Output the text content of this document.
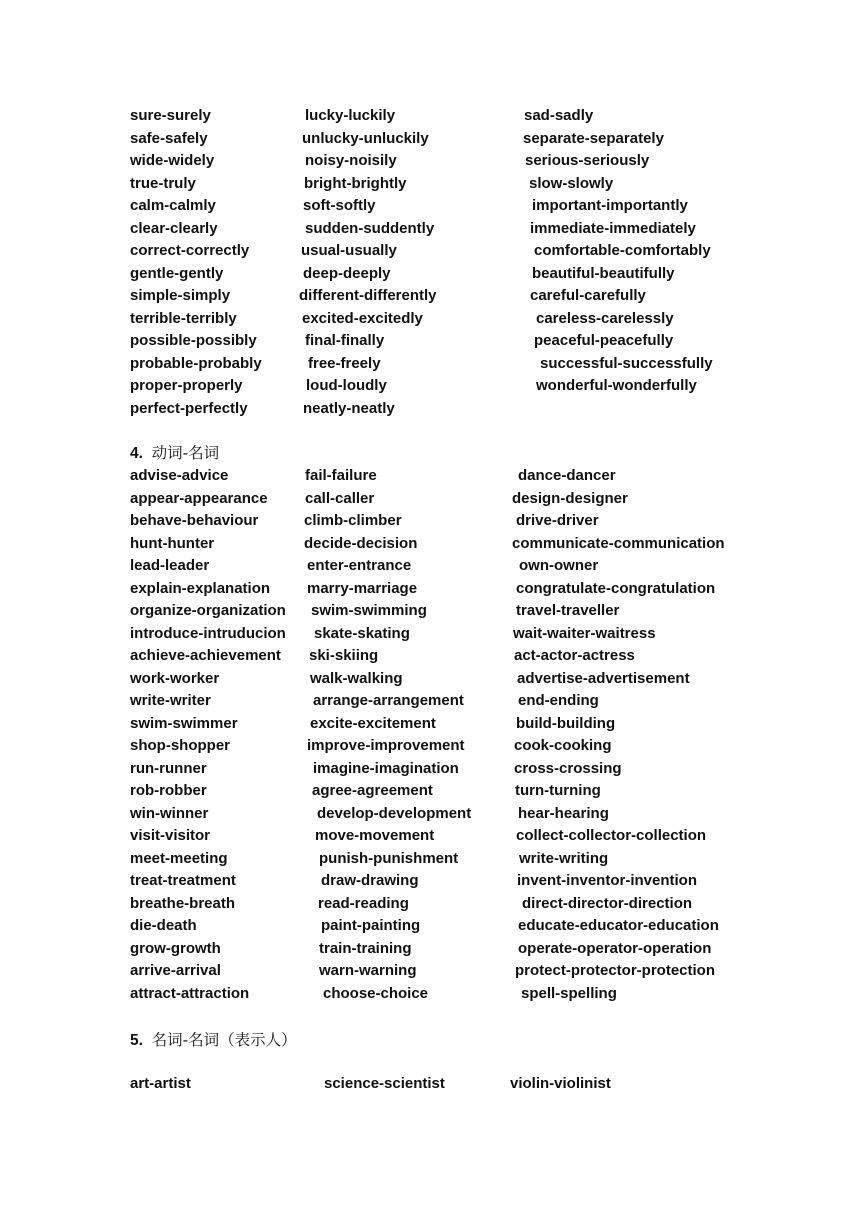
4. 动词-名词
5. 名词-名词（表示人）
sure-surely	lucky-luckily	sad-sadly
safe-safely	unlucky-unluckily	separate-separately
wide-widely	noisy-noisily	serious-seriously
true-truly	bright-brightly	slow-slowly
calm-calmly	soft-softly	important-importantly
clear-clearly	sudden-suddently	immediate-immediately
correct-correctly	usual-usually	comfortable-comfortably
gentle-gently	deep-deeply	beautiful-beautifully
simple-simply	different-differently	careful-carefully
terrible-terribly	excited-excitedly	careless-carelessly
possible-possibly	final-finally	peaceful-peacefully
probable-probably	free-freely	successful-successfully
proper-properly	loud-loudly	wonderful-wonderfully
perfect-perfectly	neatly-neatly
advise-advice	fail-failure	dance-dancer
appear-appearance call-caller	design-designer
behave-behaviour	climb-climber	drive-driver
hunt-hunter	decide-decision	communicate-communication
lead-leader	enter-entrance	own-owner
explain-explanation marry-marriage	congratulate-congratulation
organize-organization swim-swimming	travel-traveller
introduce-intruducion skate-skating	wait-waiter-waitress
achieve-achievement ski-skiing	act-actor-actress
work-worker	walk-walking	advertise-advertisement
write-writer	arrange-arrangement	end-ending
swim-swimmer	excite-excitement	build-building
shop-shopper	improve-improvement	cook-cooking
run-runner	imagine-imagination	cross-crossing
rob-robber	agree-agreement	turn-turning
win-winner	develop-development	hear-hearing
visit-visitor	move-movement	collect-collector-collection
meet-meeting	punish-punishment	write-writing
treat-treatment	draw-drawing	invent-inventor-invention
breathe-breath	read-reading	direct-director-direction
die-death	paint-painting	educate-educator-education
grow-growth	train-training	operate-operator-operation
arrive-arrival	warn-warning	protect-protector-protection
attract-attraction	choose-choice	spell-spelling
art-artist	science-scientist	violin-violinist
